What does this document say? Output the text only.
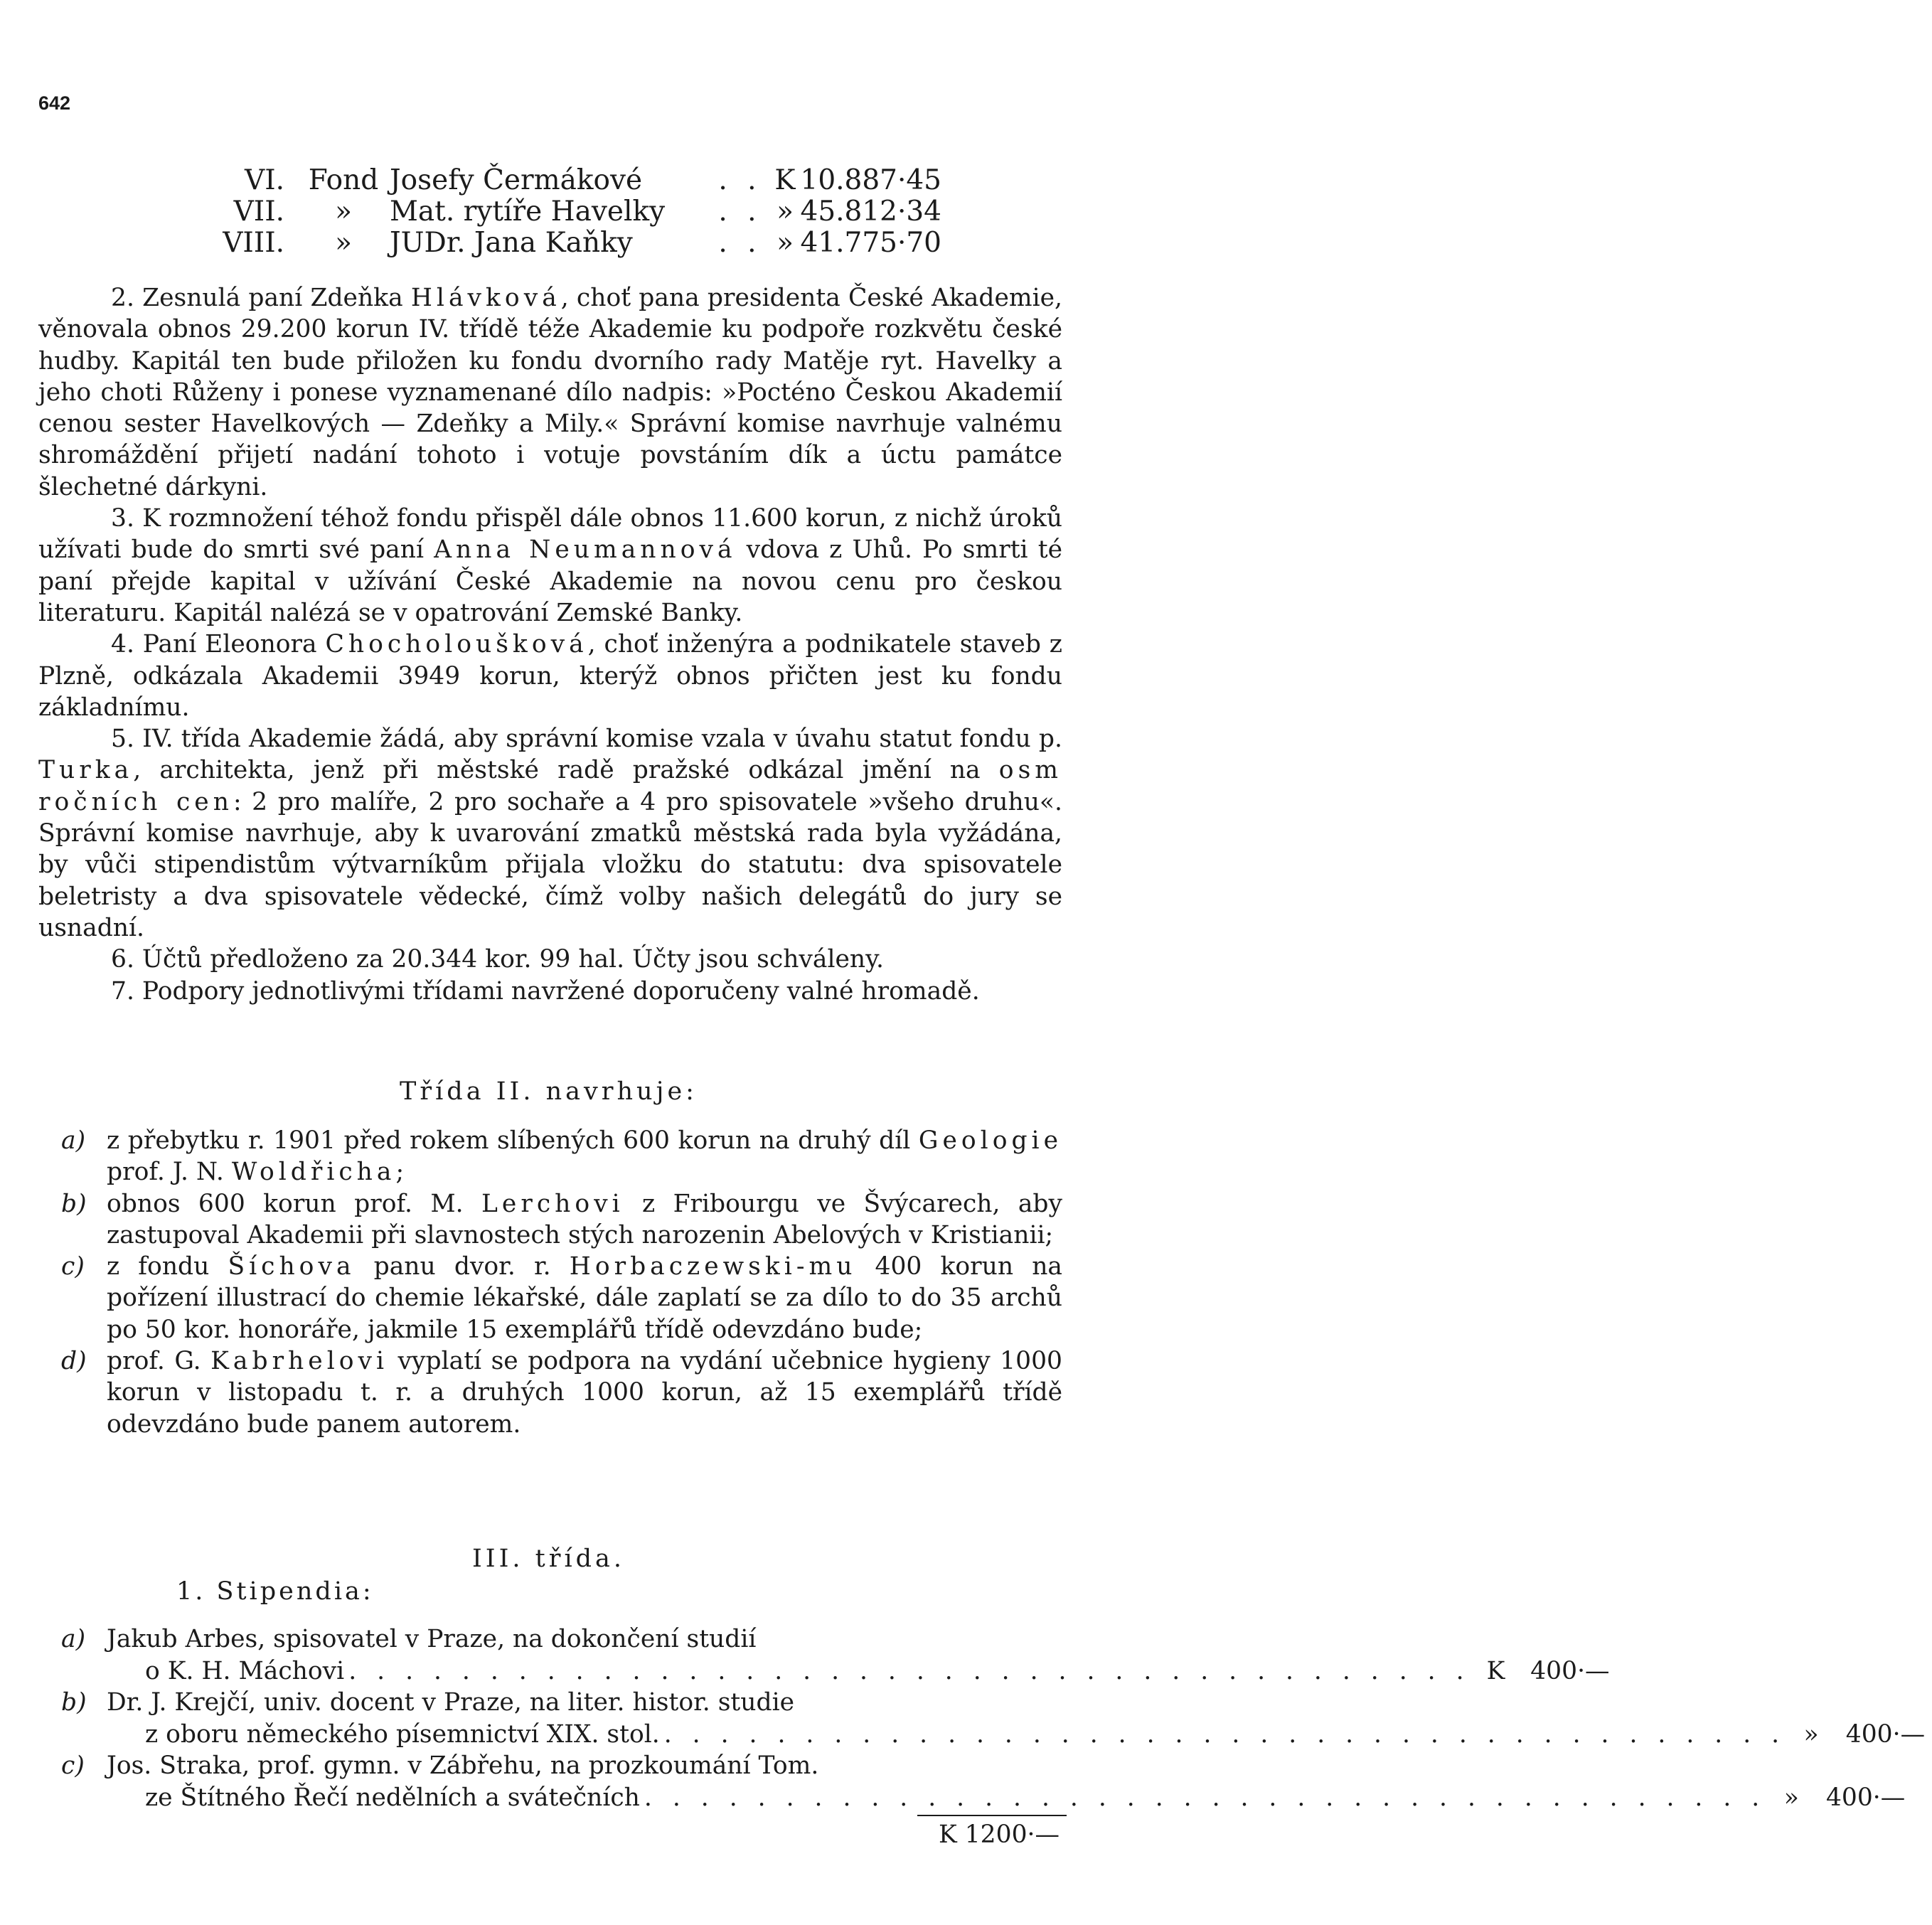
642
VI. Fond Josefy Čermákové	. . K 10.887·45
VII.	»	Mat. rytíře Havelky	. . » 45.812·34
VIII.	»	JUDr. Jana Kaňky	. . » 41.775·70

2. Zesnulá paní Zdeňka Hlávková, choť pana presidenta České Akademie, věnovala obnos 29.200 korun IV. třídě téže Akademie ku podpoře rozkvětu české hudby. Kapitál ten bude přiložen ku fondu dvorního rady Matěje ryt. Havelky a jeho choti Růženy i ponese vyznamenané dílo nadpis: »Pocténo Českou Akademií cenou sester Havelkových — Zdeňky a Mily.« Správní komise navrhuje valnému shromáždění přijetí nadání tohoto i votuje povstáním dík a úctu památce šlechetné dárkyni.

3. K rozmnožení téhož fondu přispěl dále obnos 11.600 korun, z nichž úroků užívati bude do smrti své paní Anna Neumannová vdova z Uhů. Po smrti té paní přejde kapital v užívání České Akademie na novou cenu pro českou literaturu. Kapitál nalézá se v opatrování Zemské Banky.

4. Paní Eleonora Chocholoušková, choť inženýra a podnikatele staveb z Plzně, odkázala Akademii 3949 korun, kterýž obnos přičten jest ku fondu základnímu.

5. IV. třída Akademie žádá, aby správní komise vzala v úvahu statut fondu p. Turka, architekta, jenž při městské radě pražské odkázal jmění na osm ročních cen: 2 pro malíře, 2 pro sochaře a 4 pro spisovatele »všeho druhu«. Správní komise navrhuje, aby k uvarování zmatků městská rada byla vyžádána, by vůči stipendistům výtvarníkům přijala vložku do statutu: dva spisovatele beletristy a dva spisovatele vědecké, čímž volby našich delegátů do jury se usnadní.

6. Účtů předloženo za 20.344 kor. 99 hal. Účty jsou schváleny.

7. Podpory jednotlivými třídami navržené doporučeny valné hromadě.

Třída II. navrhuje:
a) z přebytku r. 1901 před rokem slíbených 600 korun na druhý díl Geologie prof. J. N. Woldřicha;
b) obnos 600 korun prof. M. Lerchovi z Fribourgu ve Švýcarech, aby zastupoval Akademii při slavnostech stých narozenin Abelových v Kristianii;
c) z fondu Šíchova panu dvor. r. Horbaczewski-mu 400 korun na pořízení illustrací do chemie lékařské, dále zaplatí se za dílo to do 35 archů po 50 kor. honoráře, jakmile 15 exemplářů třídě odevzdáno bude;
d) prof. G. Kabrhelovi vyplatí se podpora na vydání učebnice hygieny 1000 korun v listopadu t. r. a druhých 1000 korun, až 15 exemplářů třídě odevzdáno bude panem autorem.
III. třída.
1. Stipendia:
a) Jakub Arbes, spisovatel v Praze, na dokončení studií
o K. H. Máchovi . . . . . . . . . . . . . . . . . . . . . . . . . . . . . . . . . . . . . . . . K	400·—
b) Dr. J. Krejčí, univ. docent v Praze, na liter. histor. studie
z oboru německého písemnictví XIX. stol. . . . . . . . . . . . . . . . . . . . . . . . . . . . . . . . . . . . . . . . . »	400·—
c) Jos. Straka, prof. gymn. v Zábřehu, na prozkoumání Tom.
ze Štítného Řečí nedělních a svátečních . . . . . . . . . . . . . . . . . . . . . . . . . . . . . . . . . . . . . . . . »	400·—
K 1200·—
